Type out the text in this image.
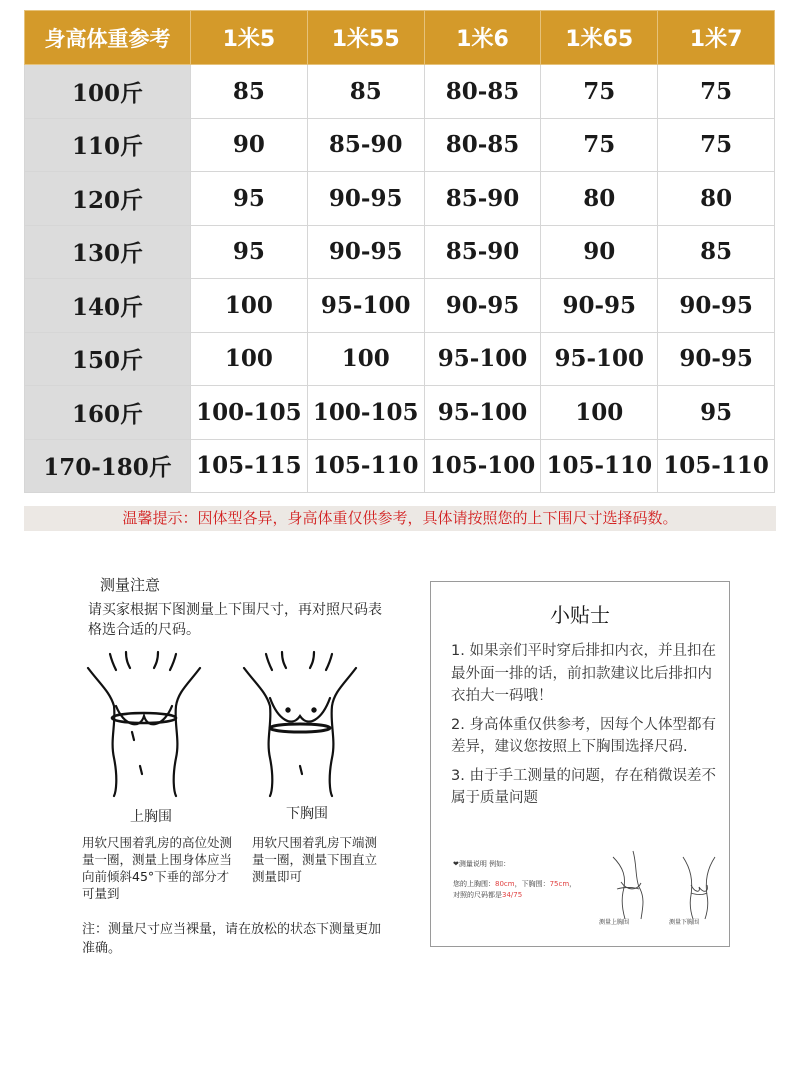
身高体重参考	1米5	1米55	1米6	1米65	1米7
100斤	85	85	80-85	75	75
110斤	90	85-90	80-85	75	75
120斤	95	90-95	85-90	80	80
130斤	95	90-95	85-90	90	85
140斤	100	95-100	90-95	90-95	90-95
150斤	100	100	95-100	95-100	90-95
160斤	100-105	100-105	95-100	100	95
170-180斤	105-115	105-110	105-100	105-110	105-110
温馨提示：因体型各异，身高体重仅供参考，具体请按照您的上下围尺寸选择码数。
测量注意
请买家根据下图测量上下围尺寸，再对照尺码表格选合适的尺码。
上胸围	下胸围
用软尺围着乳房的高位处测量一圈，测量上围身体应当向前倾斜45°下垂的部分才可量到
用软尺围着乳房下端测量一圈，测量下围直立测量即可
注：测量尺寸应当裸量，请在放松的状态下测量更加准确。
小贴士

1. 如果亲们平时穿后排扣内衣，并且扣在最外面一排的话，前扣款建议比后排扣内衣拍大一码哦！

2. 身高体重仅供参考，因每个人体型都有差异，建议您按照上下胸围选择尺码.

3. 由于手工测量的问题，存在稍微误差不属于质量问题

❤测量说明 例如：
您的上胸围：80cm，下胸围：75cm，
对照的尺码都是34/75
测量上胸围	测量下胸围
